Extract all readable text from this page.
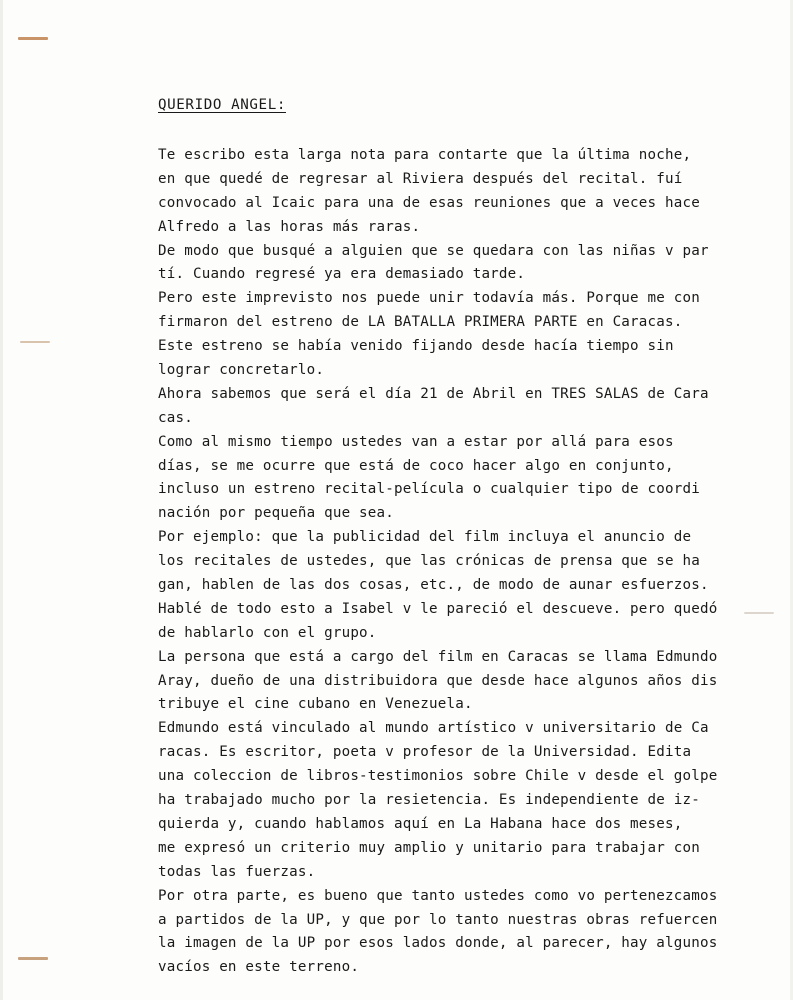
QUERIDO ANGEL:
Te escribo esta larga nota para contarte que la última noche,
en que quedé de regresar al Riviera después del recital. fuí
convocado al Icaic para una de esas reuniones que a veces hace
Alfredo a las horas más raras.
De modo que busqué a alguien que se quedara con las niñas v par
tí. Cuando regresé ya era demasiado tarde.
Pero este imprevisto nos puede unir todavía más. Porque me con
firmaron del estreno de LA BATALLA PRIMERA PARTE en Caracas.
Este estreno se había venido fijando desde hacía tiempo sin
lograr concretarlo.
Ahora sabemos que será el día 21 de Abril en TRES SALAS de Cara
cas.
Como al mismo tiempo ustedes van a estar por allá para esos
días, se me ocurre que está de coco hacer algo en conjunto,
incluso un estreno recital-película o cualquier tipo de coordi
nación por pequeña que sea.
Por ejemplo: que la publicidad del film incluya el anuncio de
los recitales de ustedes, que las crónicas de prensa que se ha
gan, hablen de las dos cosas, etc., de modo de aunar esfuerzos.
Hablé de todo esto a Isabel v le pareció el descueve. pero quedó
de hablarlo con el grupo.
La persona que está a cargo del film en Caracas se llama Edmundo
Aray, dueño de una distribuidora que desde hace algunos años dis
tribuye el cine cubano en Venezuela.
Edmundo está vinculado al mundo artístico v universitario de Ca
racas. Es escritor, poeta v profesor de la Universidad. Edita
una coleccion de libros-testimonios sobre Chile v desde el golpe
ha trabajado mucho por la resietencia. Es independiente de iz-
quierda y, cuando hablamos aquí en La Habana hace dos meses,
me expresó un criterio muy amplio y unitario para trabajar con
todas las fuerzas.
Por otra parte, es bueno que tanto ustedes como vo pertenezcamos
a partidos de la UP, y que por lo tanto nuestras obras refuercen
la imagen de la UP por esos lados donde, al parecer, hay algunos
vacíos en este terreno.
